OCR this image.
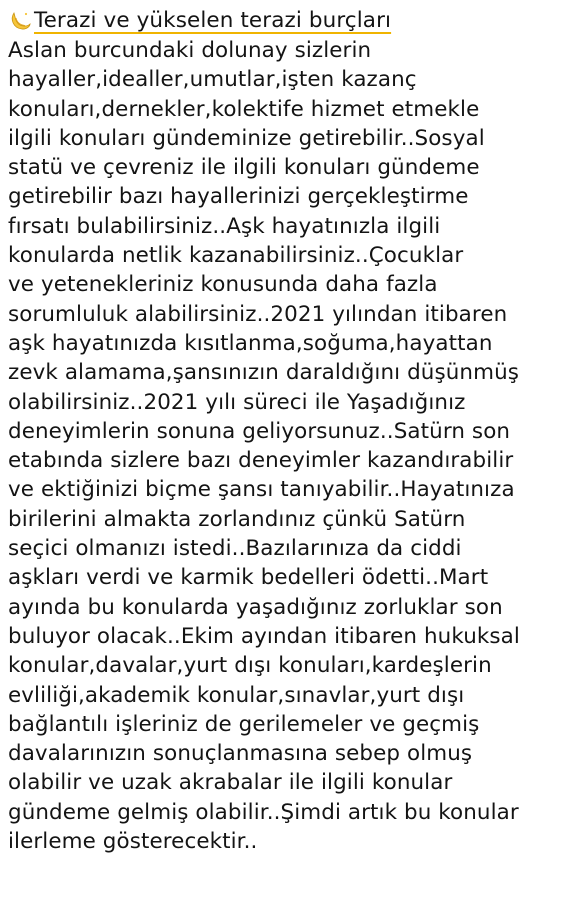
Terazi ve yükselen terazi burçları
Aslan burcundaki dolunay sizlerin hayaller,idealler,umutlar,işten kazanç konuları,dernekler,kolektife hizmet etmekle ilgili konuları gündeminize getirebilir..Sosyal statü ve çevreniz ile ilgili konuları gündeme getirebilir bazı hayallerinizi gerçekleştirme fırsatı bulabilirsiniz..Aşk hayatınızla ilgili konularda netlik kazanabilirsiniz..Çocuklar ve yetenekleriniz konusunda daha fazla sorumluluk alabilirsiniz..2021 yılından itibaren aşk hayatınızda kısıtlanma,soğuma,hayattan zevk alamama,şansınızın daraldığını düşünmüş olabilirsiniz..2021 yılı süreci ile Yaşadığınız deneyimlerin sonuna geliyorsunuz..Satürn son etabında sizlere bazı deneyimler kazandırabilir ve ektiğinizi biçme şansı tanıyabilir..Hayatınıza birilerini almakta zorlandınız çünkü Satürn seçici olmanızı istedi..Bazılarınıza da ciddi aşkları verdi ve karmik bedelleri ödetti..Mart ayında bu konularda yaşadığınız zorluklar son buluyor olacak..Ekim ayından itibaren hukuksal konular,davalar,yurt dışı konuları,kardeşlerin evliliği,akademik konular,sınavlar,yurt dışı bağlantılı işleriniz de gerilemeler ve geçmiş davalarınızın sonuçlanmasına sebep olmuş olabilir ve uzak akrabalar ile ilgili konular gündeme gelmiş olabilir..Şimdi artık bu konular ilerleme gösterecektir..
